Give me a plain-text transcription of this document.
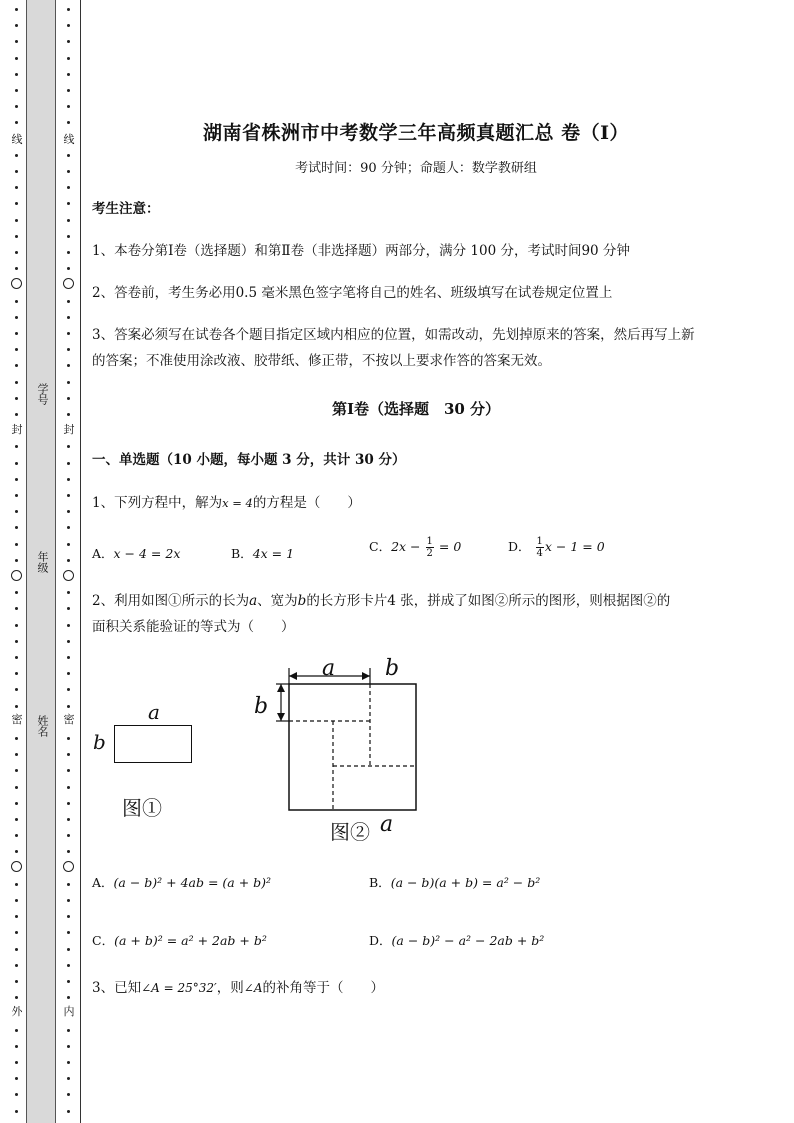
线
封
密
外
线
封
密
内
学号
年级
姓名
湖南省株洲市中考数学三年高频真题汇总 卷（Ⅰ）
考试时间：90 分钟；命题人：数学教研组
考生注意：
1、本卷分第Ⅰ卷（选择题）和第Ⅱ卷（非选择题）两部分，满分 100 分，考试时间90 分钟
2、答卷前，考生务必用0.5 毫米黑色签字笔将自己的姓名、班级填写在试卷规定位置上
3、答案必须写在试卷各个题目指定区域内相应的位置，如需改动，先划掉原来的答案，然后再写上新
的答案；不准使用涂改液、胶带纸、修正带，不按以上要求作答的答案无效。
第Ⅰ卷（选择题　30 分）
一、单选题（10 小题，每小题 3 分，共计 30 分）
1、下列方程中，解为x = 4的方程是（　　）
A．x − 4 = 2x	B．4x = 1	C．$2x - \frac{1}{2} = 0$	D． $\frac{1}{4}$ x − 1 = 0
2、利用如图①所示的长为a、宽为b的长方形卡片4 张，拼成了如图②所示的图形，则根据图②的
面积关系能验证的等式为（　　）
a
b
图①
a b
b
图② a
A．(a − b)² + 4ab = (a + b)²	B．(a − b)(a + b) = a² − b²
C．(a + b)² = a² + 2ab + b²	D．(a − b)² − a² − 2ab + b²
3、已知∠A = 25°32′，则∠A的补角等于（　　）
